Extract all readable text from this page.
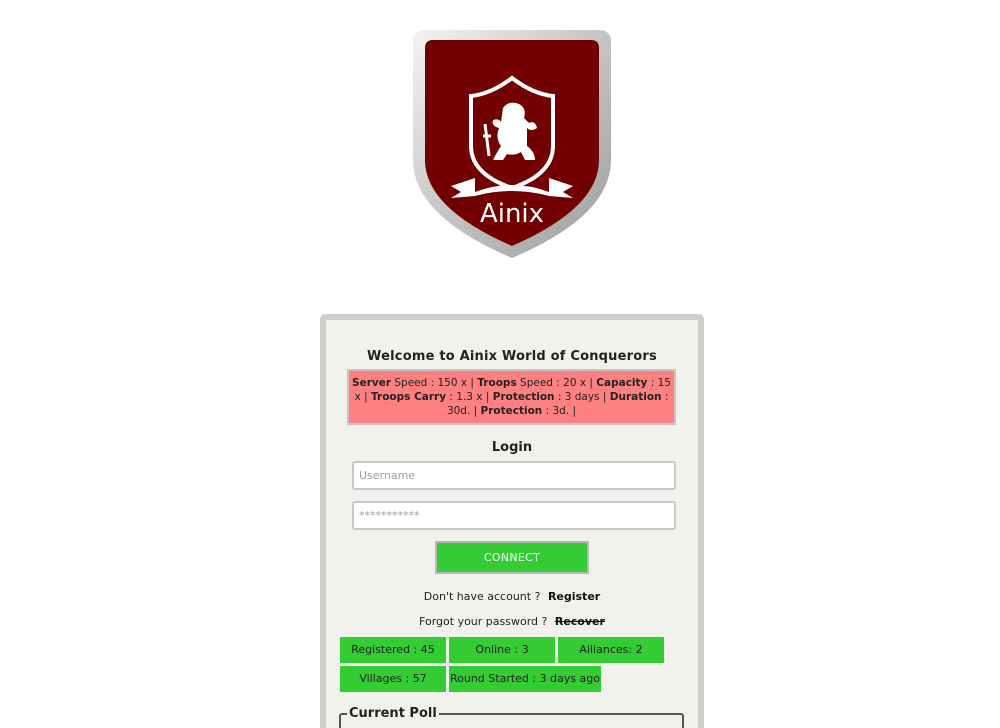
Ainix
Welcome to Ainix World of Conquerors
Server Speed : 150 x | Troops Speed : 20 x | Capacity : 15 x | Troops Carry : 1.3 x | Protection : 3 days | Duration : 30d. | Protection : 3d. |
Login
Username
***********
CONNECT
Don't have account ? Register
Forgot your password ? Recover
Registered : 45	Online : 3	Alliances: 2
Villages : 57	Round Started : 3 days ago
Current Poll
